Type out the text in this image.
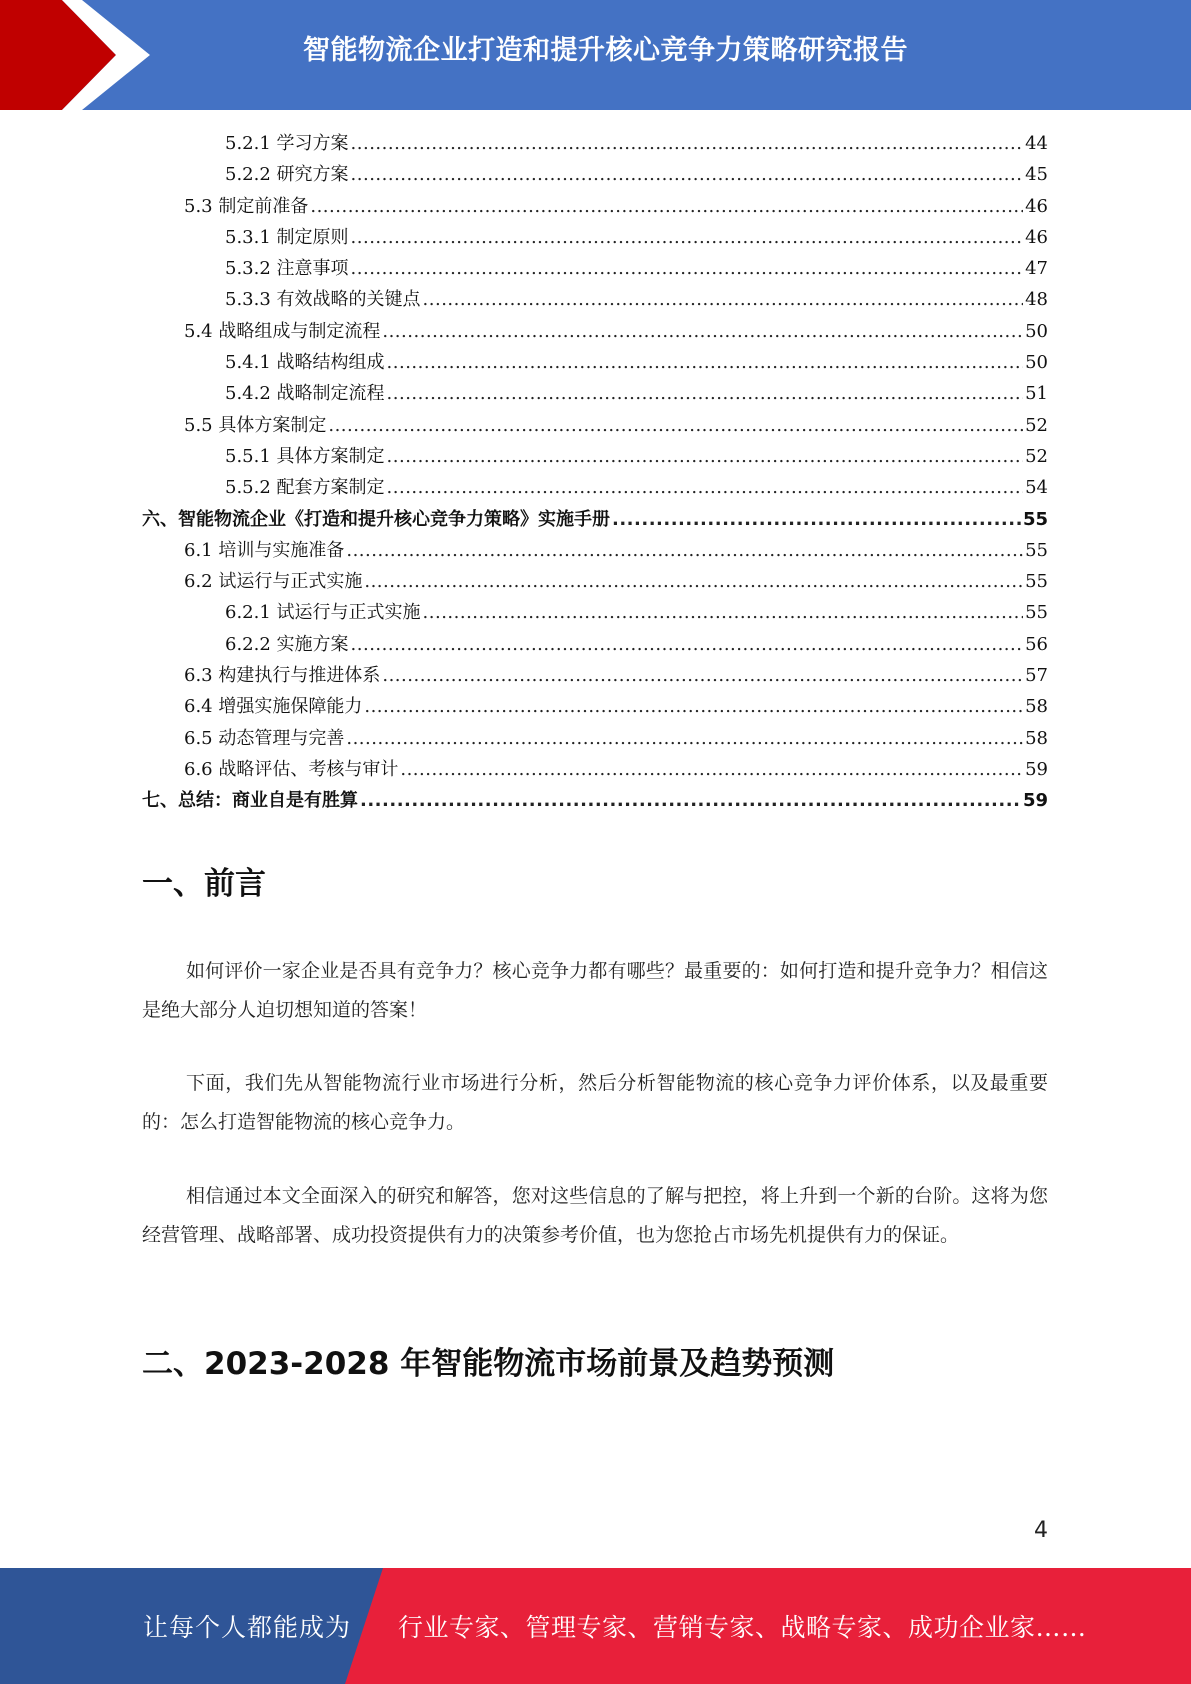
智能物流企业打造和提升核心竞争力策略研究报告
5.2.1 学习方案 .....	44
5.2.2 研究方案 .....	45
5.3 制定前准备 .....	46
5.3.1 制定原则 .....	46
5.3.2 注意事项 .....	47
5.3.3 有效战略的关键点 .....	48
5.4 战略组成与制定流程 .....	50
5.4.1 战略结构组成 .....	50
5.4.2 战略制定流程 .....	51
5.5 具体方案制定 .....	52
5.5.1 具体方案制定 .....	52
5.5.2 配套方案制定 .....	54
六、智能物流企业《打造和提升核心竞争力策略》实施手册 .....	55
6.1 培训与实施准备 .....	55
6.2 试运行与正式实施 .....	55
6.2.1 试运行与正式实施 .....	55
6.2.2 实施方案 .....	56
6.3 构建执行与推进体系 .....	57
6.4 增强实施保障能力 .....	58
6.5 动态管理与完善 .....	58
6.6 战略评估、考核与审计 .....	59
七、总结：商业自是有胜算 .....	59
一、前言
如何评价一家企业是否具有竞争力？核心竞争力都有哪些？最重要的：如何打造和提升竞争力？相信这是绝大部分人迫切想知道的答案！
下面，我们先从智能物流行业市场进行分析，然后分析智能物流的核心竞争力评价体系，以及最重要的：怎么打造智能物流的核心竞争力。
相信通过本文全面深入的研究和解答，您对这些信息的了解与把控，将上升到一个新的台阶。这将为您经营管理、战略部署、成功投资提供有力的决策参考价值，也为您抢占市场先机提供有力的保证。
二、2023-2028 年智能物流市场前景及趋势预测
4
让每个人都能成为 行业专家、管理专家、营销专家、战略专家、成功企业家……
